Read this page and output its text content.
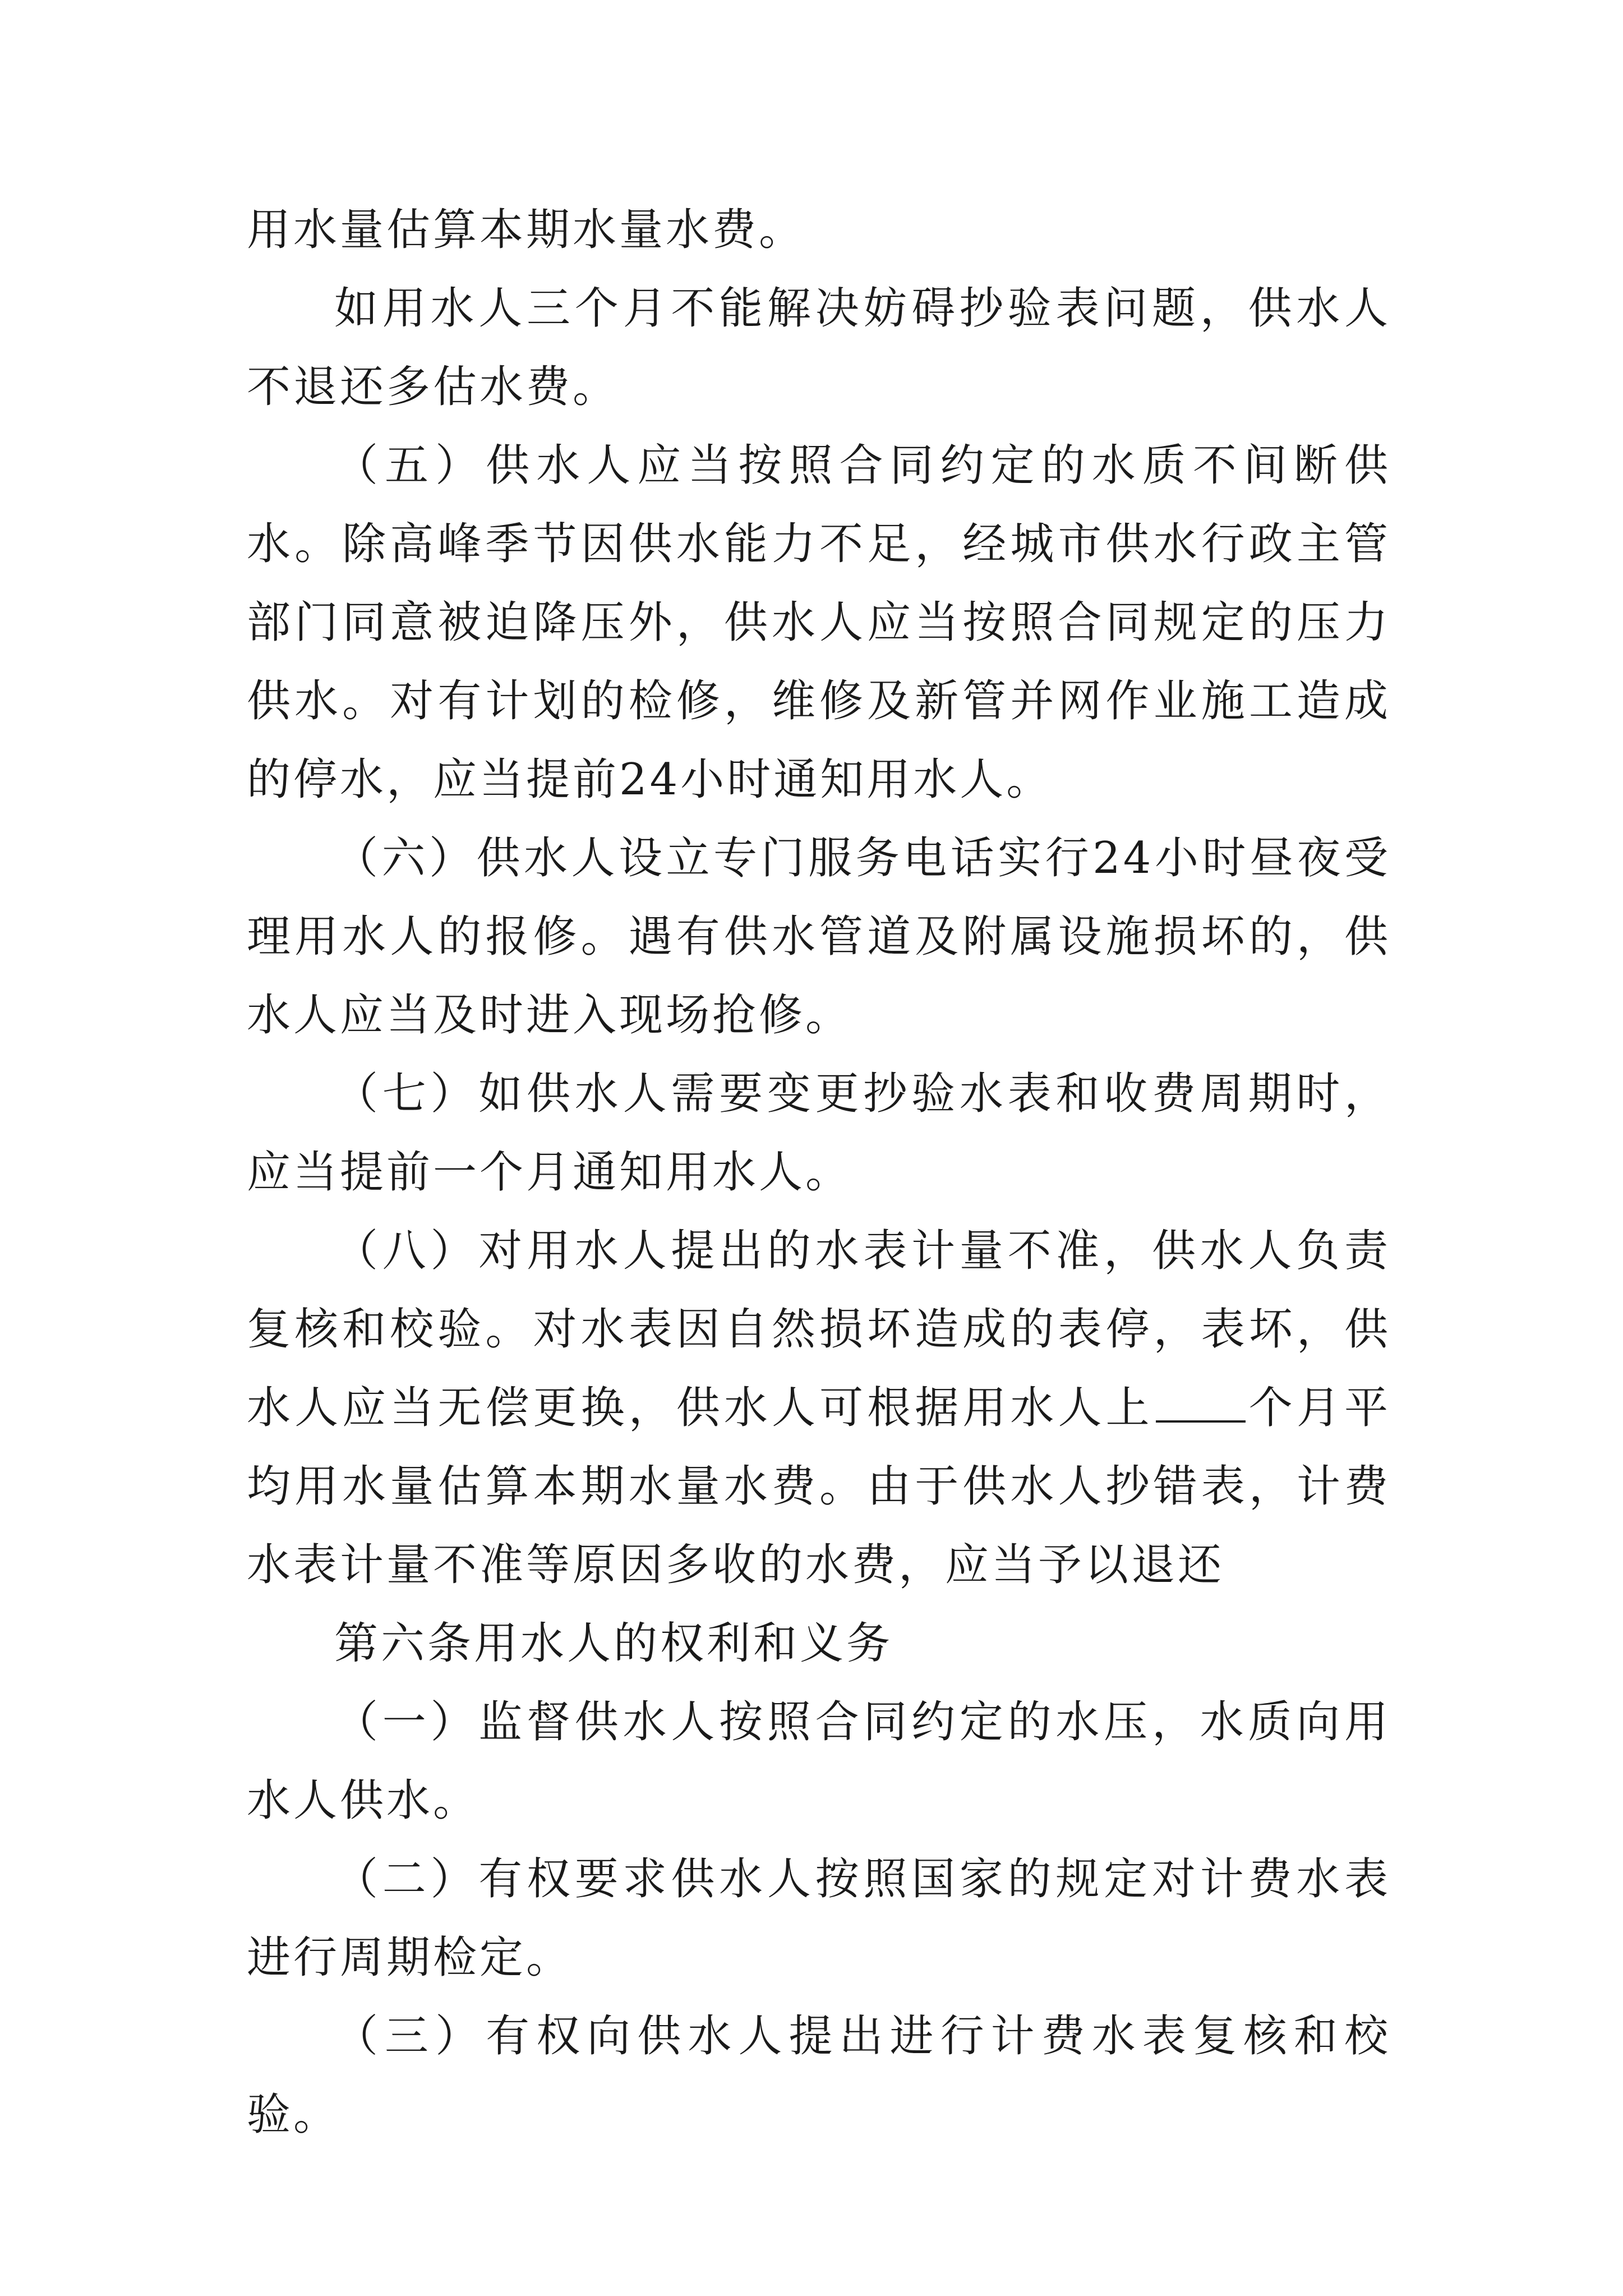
用水量估算本期水量水费。

如用水人三个月不能解决妨碍抄验表问题，供水人不退还多估水费。

（五）供水人应当按照合同约定的水质不间断供水。除高峰季节因供水能力不足，经城市供水行政主管部门同意被迫降压外，供水人应当按照合同规定的压力供水。对有计划的检修，维修及新管并网作业施工造成的停水，应当提前24小时通知用水人。

（六）供水人设立专门服务电话实行24小时昼夜受理用水人的报修。遇有供水管道及附属设施损坏的，供水人应当及时进入现场抢修。

（七）如供水人需要变更抄验水表和收费周期时，应当提前一个月通知用水人。

（八）对用水人提出的水表计量不准，供水人负责复核和校验。对水表因自然损坏造成的表停，表坏，供水人应当无偿更换，供水人可根据用水人上 个月平均用水量估算本期水量水费。由于供水人抄错表，计费水表计量不准等原因多收的水费，应当予以退还

第六条用水人的权利和义务

（一）监督供水人按照合同约定的水压，水质向用水人供水。

（二）有权要求供水人按照国家的规定对计费水表进行周期检定。

（三）有权向供水人提出进行计费水表复核和校验。
